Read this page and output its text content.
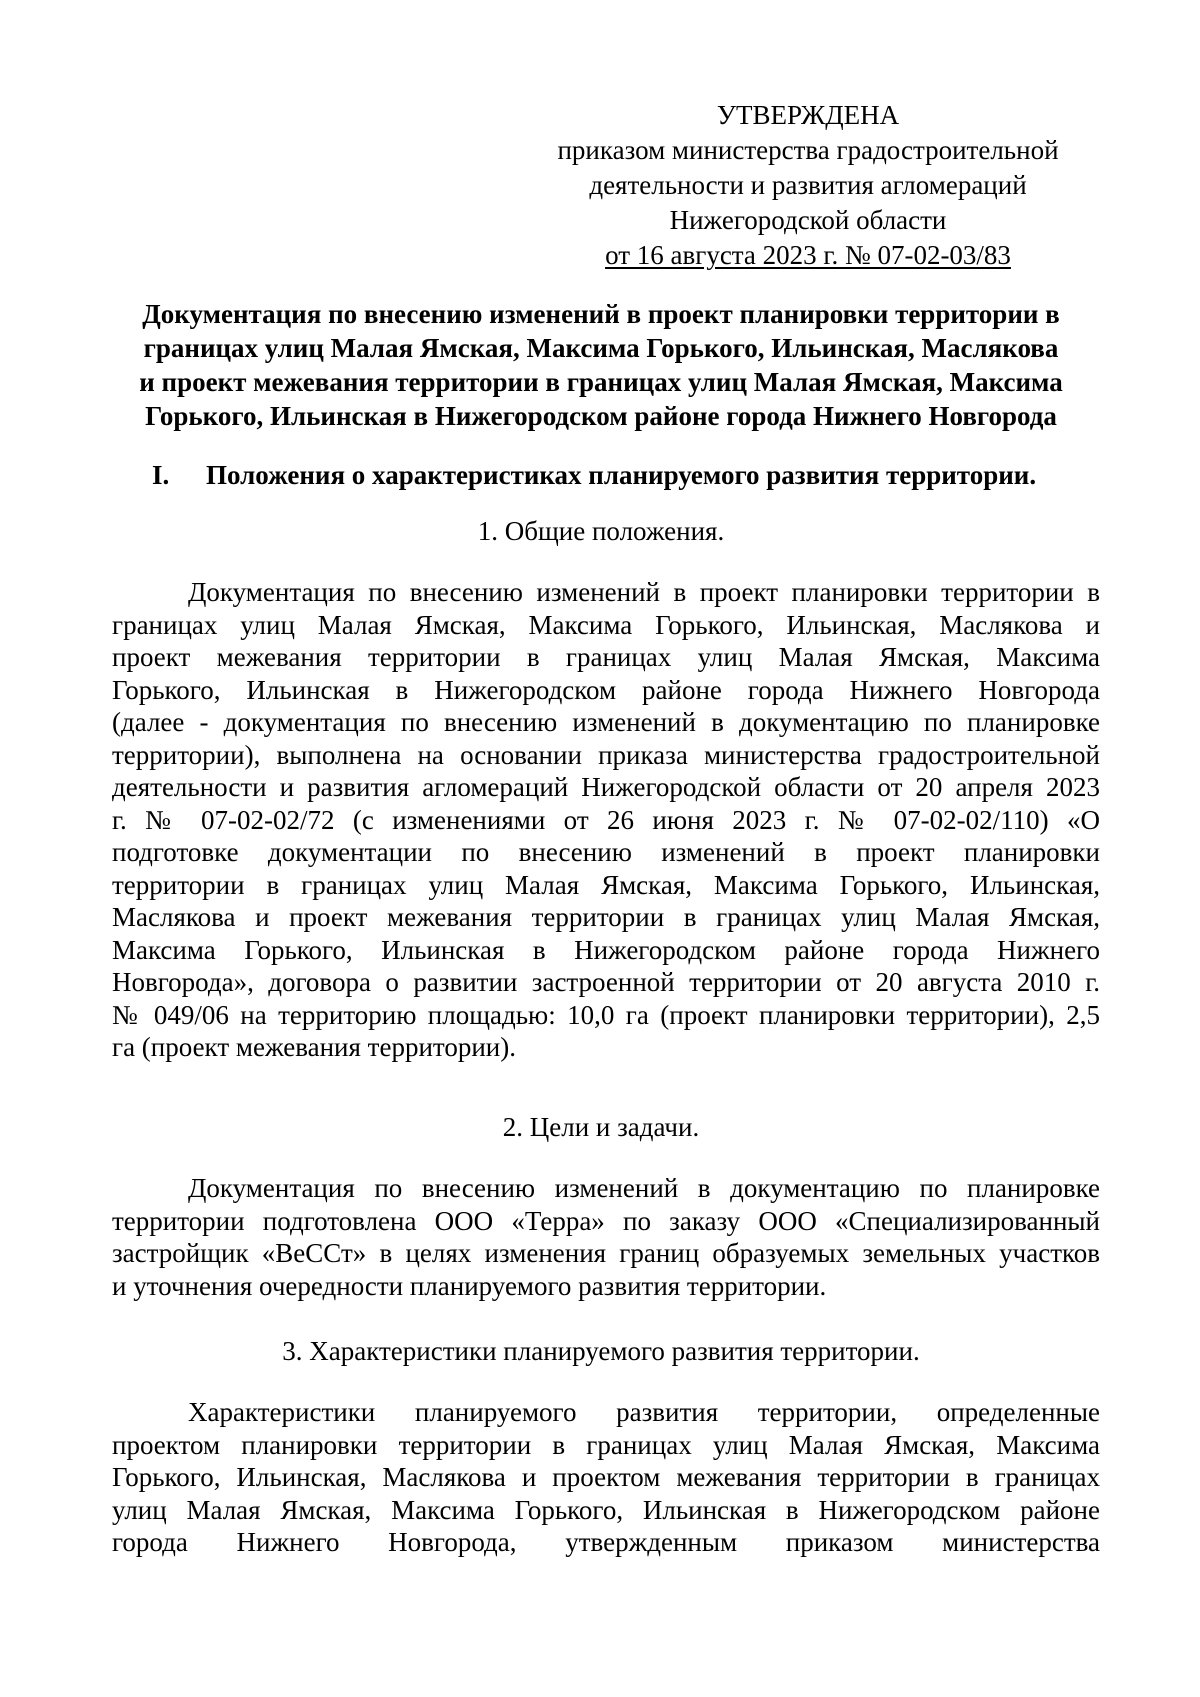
УТВЕРЖДЕНА
приказом министерства градостроительной
деятельности и развития агломераций
Нижегородской области
от 16 августа 2023 г. № 07-02-03/83
Документация по внесению изменений в проект планировки территории в
границах улиц Малая Ямская, Максима Горького, Ильинская, Маслякова
и проект межевания территории в границах улиц Малая Ямская, Максима
Горького, Ильинская в Нижегородском районе города Нижнего Новгорода
I. Положения о характеристиках планируемого развития территории.
1. Общие положения.
Документация по внесению изменений в проект планировки территории в
границах улиц Малая Ямская, Максима Горького, Ильинская, Маслякова и
проект межевания территории в границах улиц Малая Ямская, Максима
Горького, Ильинская в Нижегородском районе города Нижнего Новгорода
(далее - документация по внесению изменений в документацию по планировке
территории), выполнена на основании приказа министерства градостроительной
деятельности и развития агломераций Нижегородской области от 20 апреля 2023
г. № 07-02-02/72 (с изменениями от 26 июня 2023 г. № 07-02-02/110) «О
подготовке документации по внесению изменений в проект планировки
территории в границах улиц Малая Ямская, Максима Горького, Ильинская,
Маслякова и проект межевания территории в границах улиц Малая Ямская,
Максима Горького, Ильинская в Нижегородском районе города Нижнего
Новгорода», договора о развитии застроенной территории от 20 августа 2010 г.
№ 049/06 на территорию площадью: 10,0 га (проект планировки территории), 2,5
га (проект межевания территории).
2. Цели и задачи.
Документация по внесению изменений в документацию по планировке
территории подготовлена ООО «Терра» по заказу ООО «Специализированный
застройщик «ВеССт» в целях изменения границ образуемых земельных участков
и уточнения очередности планируемого развития территории.
3. Характеристики планируемого развития территории.
Характеристики планируемого развития территории, определенные
проектом планировки территории в границах улиц Малая Ямская, Максима
Горького, Ильинская, Маслякова и проектом межевания территории в границах
улиц Малая Ямская, Максима Горького, Ильинская в Нижегородском районе
города Нижнего Новгорода, утвержденным приказом министерства
